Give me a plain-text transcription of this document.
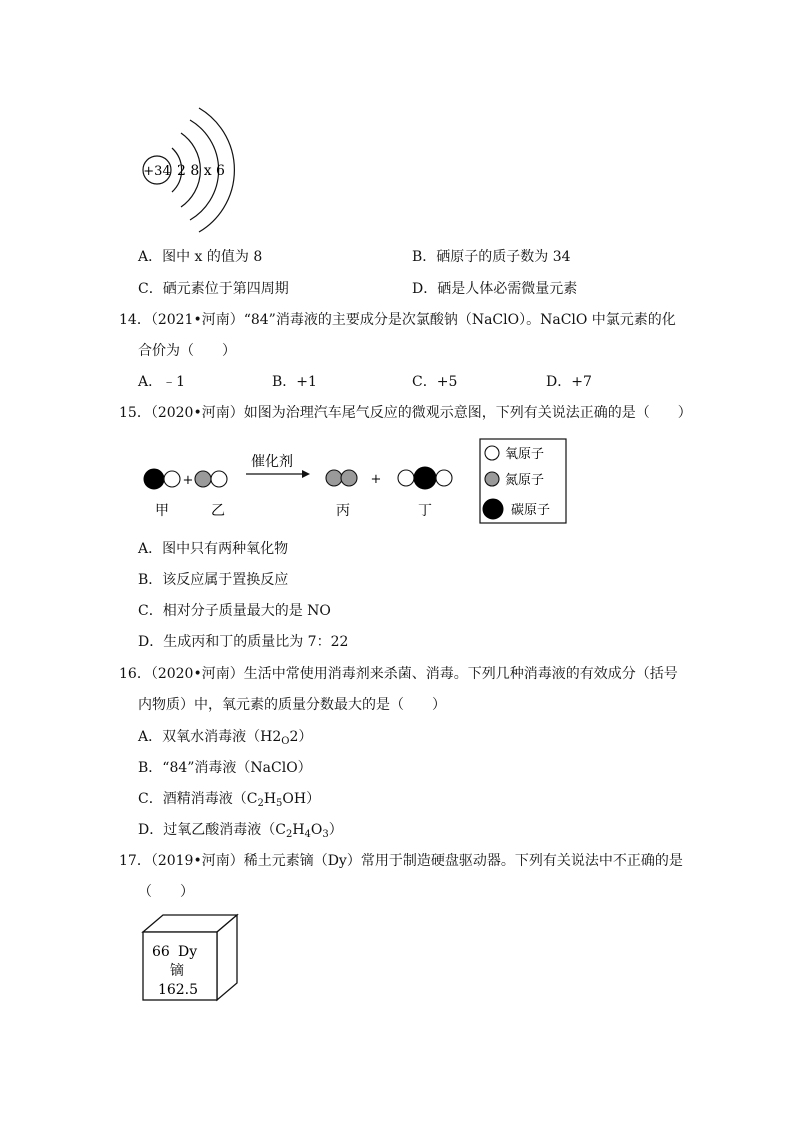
+34 2 8 x 6
A．图中 x 的值为 8	B．硒原子的质子数为 34
C．硒元素位于第四周期	D．硒是人体必需微量元素
14．（2021•河南）“84”消毒液的主要成分是次氯酸钠（NaClO）。NaClO 中氯元素的化
合价为（　　）
A．﹣1	B．+1	C．+5	D．+7
15．（2020•河南）如图为治理汽车尾气反应的微观示意图，下列有关说法正确的是（　　）
+
催化剂
+
甲	乙	丙	丁
氧原子
氮原子
碳原子
A．图中只有两种氧化物
B．该反应属于置换反应
C．相对分子质量最大的是 NO
D．生成丙和丁的质量比为 7：22
16．（2020•河南）生活中常使用消毒剂来杀菌、消毒。下列几种消毒液的有效成分（括号
内物质）中，氧元素的质量分数最大的是（　　）
A．双氧水消毒液$(H2_O2)$
B．“84”消毒液（NaClO）
C．酒精消毒液$(C_2H_5OH)$
D．过氧乙酸消毒液$(C_2H_4O_3)$
17．（2019•河南）稀土元素镝（Dy）常用于制造硬盘驱动器。下列有关说法中不正确的是
（　　）
66 Dy
镝
162.5
